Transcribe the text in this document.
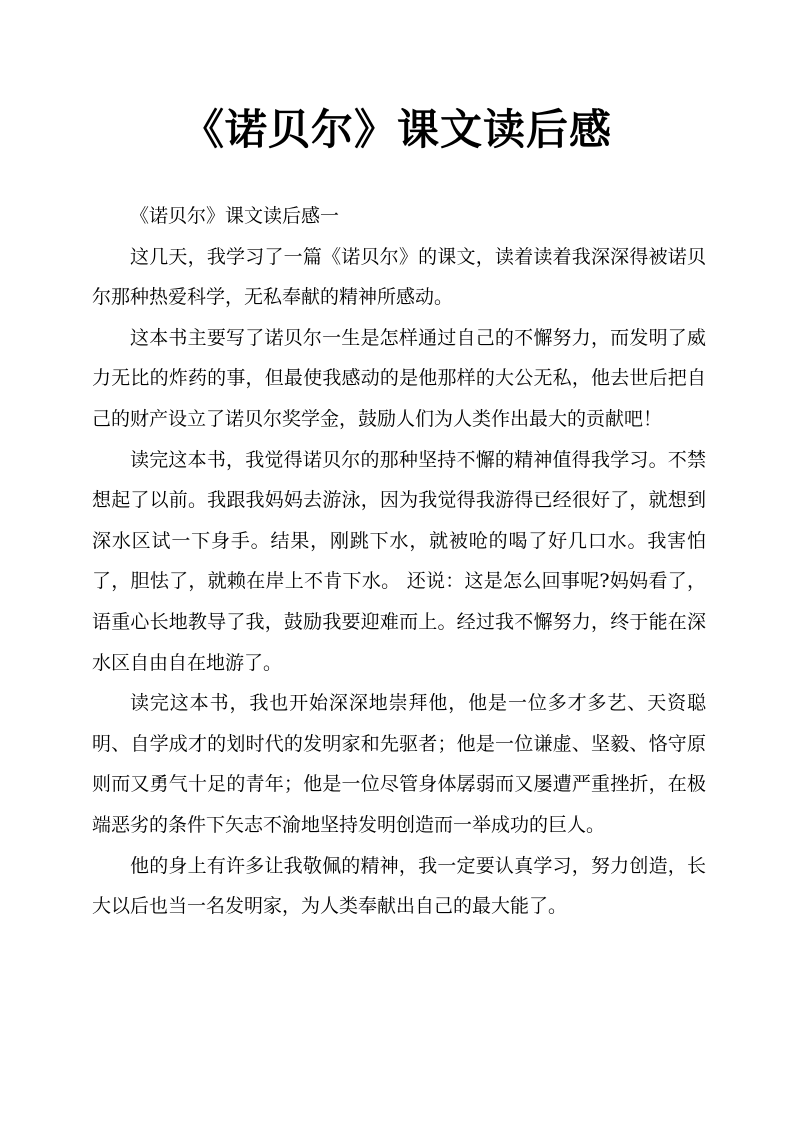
《诺贝尔》课文读后感

《诺贝尔》课文读后感一

这几天，我学习了一篇《诺贝尔》的课文，读着读着我深深得被诺贝尔那种热爱科学，无私奉献的精神所感动。

这本书主要写了诺贝尔一生是怎样通过自己的不懈努力，而发明了威力无比的炸药的事，但最使我感动的是他那样的大公无私，他去世后把自己的财产设立了诺贝尔奖学金，鼓励人们为人类作出最大的贡献吧！

读完这本书，我觉得诺贝尔的那种坚持不懈的精神值得我学习。不禁想起了以前。我跟我妈妈去游泳，因为我觉得我游得已经很好了，就想到深水区试一下身手。结果，刚跳下水，就被呛的喝了好几口水。我害怕了，胆怯了，就赖在岸上不肯下水。 还说：这是怎么回事呢?妈妈看了，语重心长地教导了我，鼓励我要迎难而上。经过我不懈努力，终于能在深水区自由自在地游了。

读完这本书，我也开始深深地崇拜他，他是一位多才多艺、天资聪明、自学成才的划时代的发明家和先驱者；他是一位谦虚、坚毅、恪守原则而又勇气十足的青年；他是一位尽管身体孱弱而又屡遭严重挫折，在极端恶劣的条件下矢志不渝地坚持发明创造而一举成功的巨人。

他的身上有许多让我敬佩的精神，我一定要认真学习，努力创造，长大以后也当一名发明家，为人类奉献出自己的最大能了。
